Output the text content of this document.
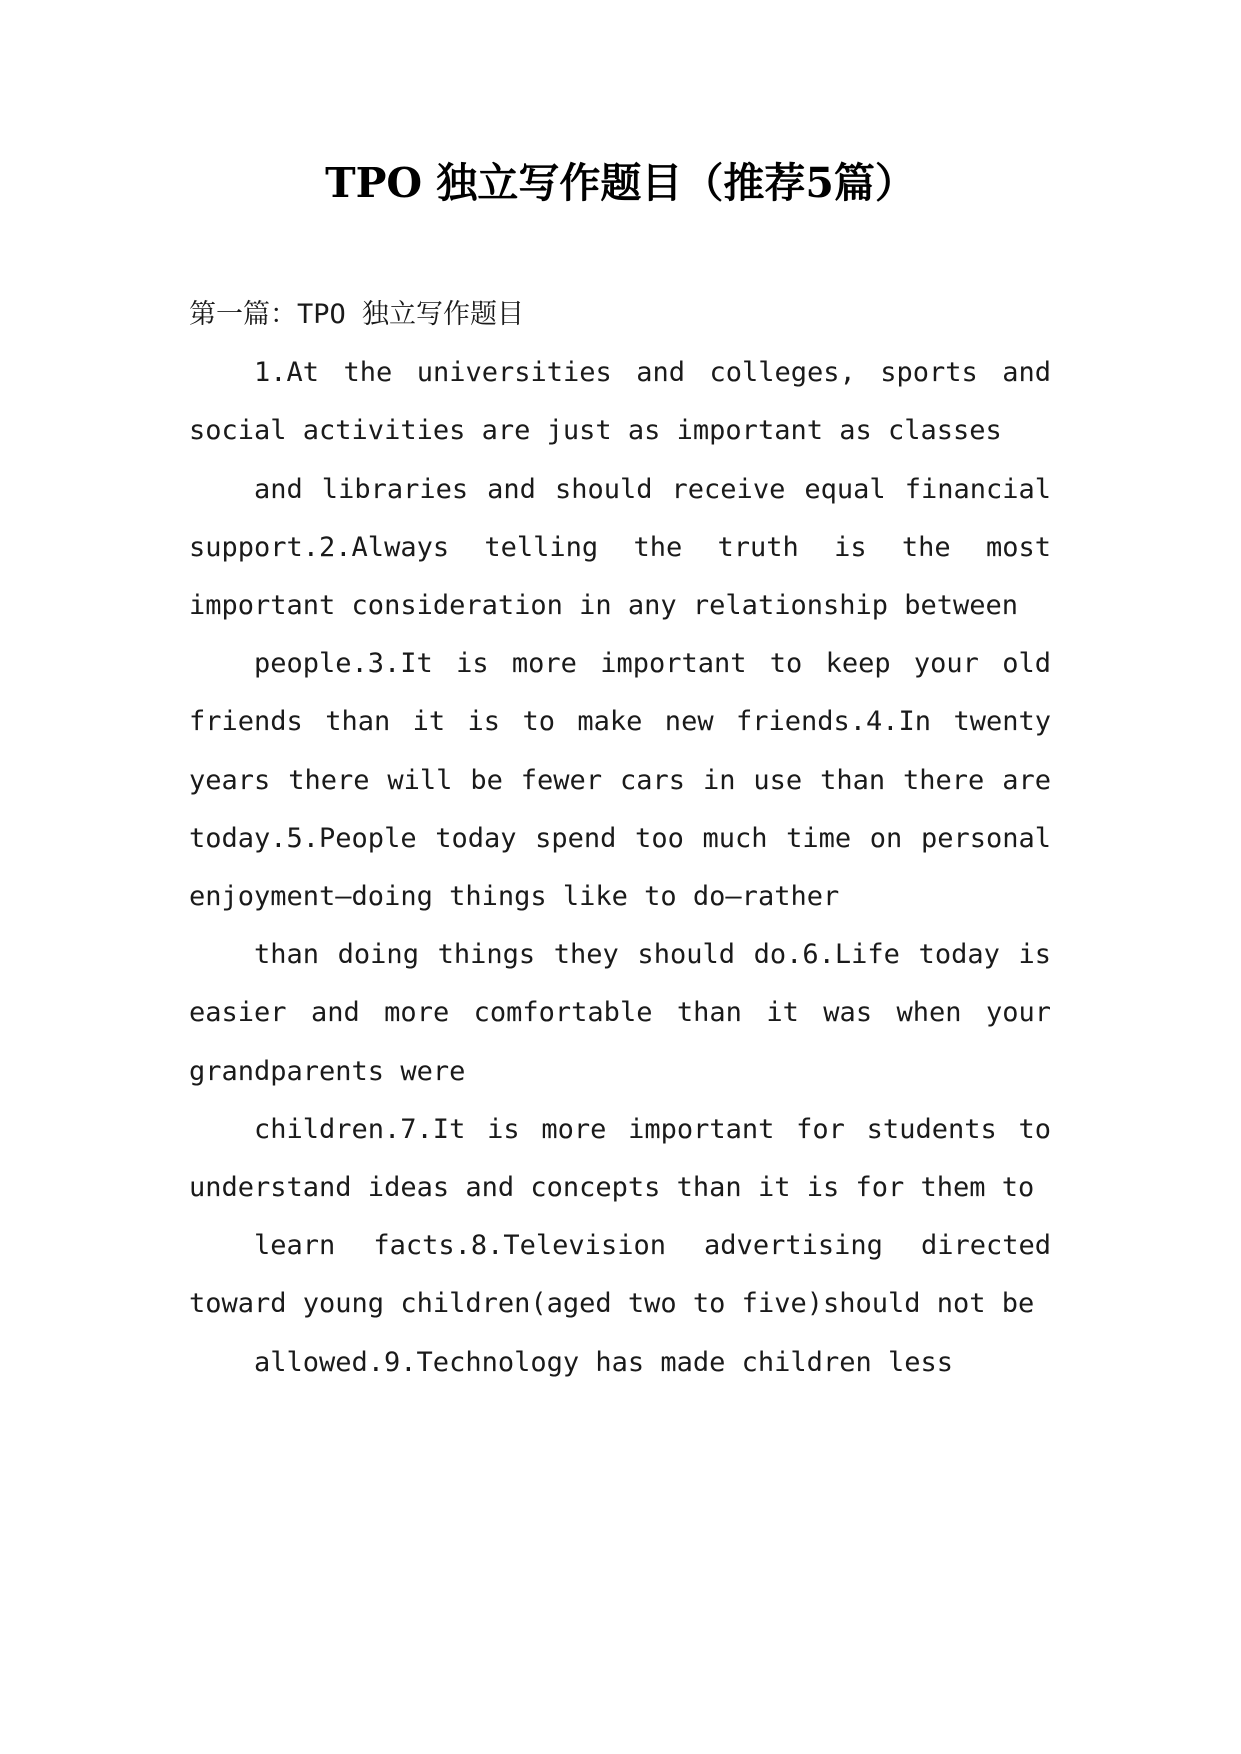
TPO 独立写作题目（推荐5篇）
第一篇：TPO 独立写作题目

1.At the universities and colleges, sports and social activities are just as important as classes

and libraries and should receive equal financial support.2.Always telling the truth is the most important consideration in any relationship between

people.3.It is more important to keep your old friends than it is to make new friends.4.In twenty years there will be fewer cars in use than there are today.5.People today spend too much time on personal enjoyment—doing things like to do—rather

than doing things they should do.6.Life today is easier and more comfortable than it was when your grandparents were

children.7.It is more important for students to understand ideas and concepts than it is for them to

learn facts.8.Television advertising directed toward young children(aged two to five)should not be

allowed.9.Technology has made children less
